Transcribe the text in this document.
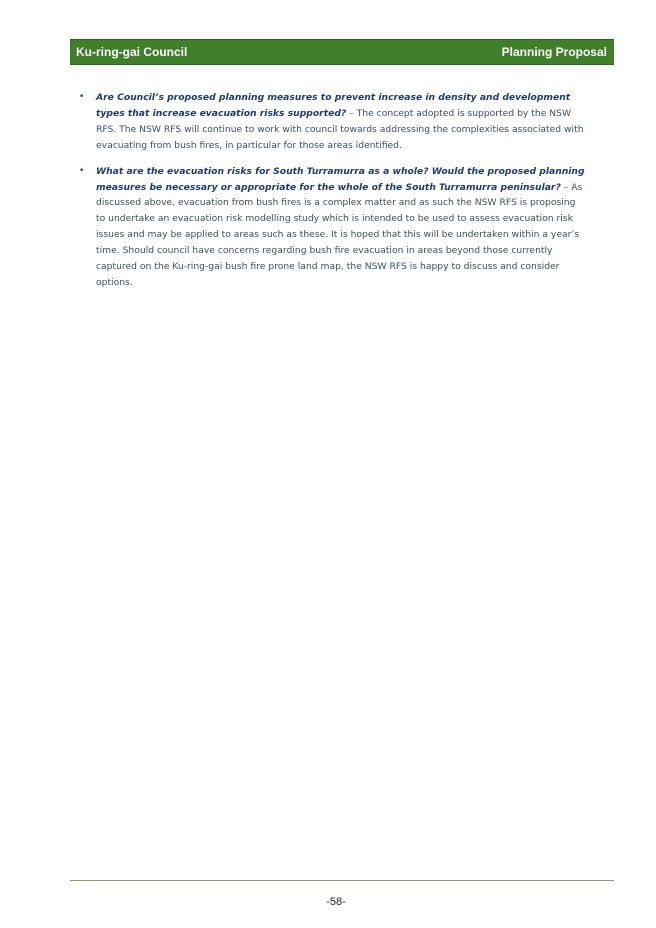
Ku-ring-gai Council	Planning Proposal
• Are Council’s proposed planning measures to prevent increase in density and development types that increase evacuation risks supported? – The concept adopted is supported by the NSW RFS. The NSW RFS will continue to work with council towards addressing the complexities associated with evacuating from bush fires, in particular for those areas identified.
• What are the evacuation risks for South Turramurra as a whole? Would the proposed planning measures be necessary or appropriate for the whole of the South Turramurra peninsular? – As discussed above, evacuation from bush fires is a complex matter and as such the NSW RFS is proposing to undertake an evacuation risk modelling study which is intended to be used to assess evacuation risk issues and may be applied to areas such as these. It is hoped that this will be undertaken within a year’s time. Should council have concerns regarding bush fire evacuation in areas beyond those currently captured on the Ku-ring-gai bush fire prone land map, the NSW RFS is happy to discuss and consider options.
-58-
